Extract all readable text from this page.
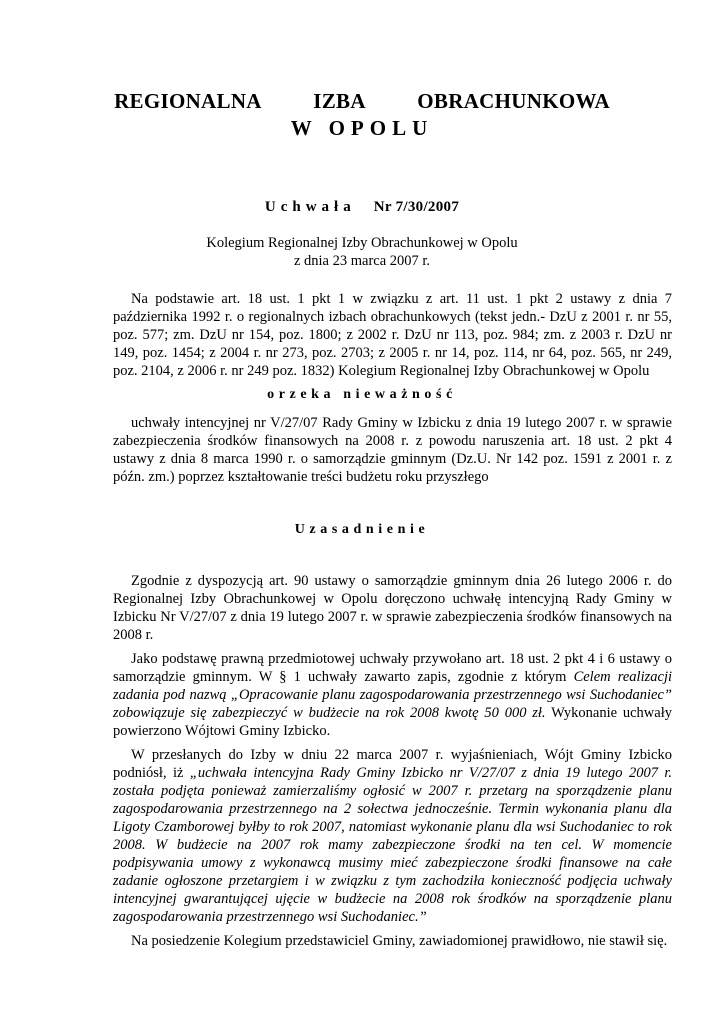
REGIONALNA   IZBA   OBRACHUNKOWA
W OPOLU
Uchwała Nr 7/30/2007
Kolegium Regionalnej Izby Obrachunkowej w Opolu
z dnia 23 marca 2007 r.

Na podstawie art. 18 ust. 1 pkt 1 w związku z art. 11 ust. 1 pkt 2 ustawy z dnia 7 października 1992 r. o regionalnych izbach obrachunkowych (tekst jedn.- DzU z 2001 r. nr 55, poz. 577; zm. DzU nr 154, poz. 1800; z 2002 r. DzU nr 113, poz. 984; zm. z 2003 r. DzU nr 149, poz. 1454; z 2004 r. nr 273, poz. 2703; z 2005 r. nr 14, poz. 114, nr 64, poz. 565, nr 249, poz. 2104, z 2006 r. nr 249 poz. 1832) Kolegium Regionalnej Izby Obrachunkowej w Opolu

orzeka nieważność

uchwały intencyjnej nr V/27/07 Rady Gminy w Izbicku z dnia 19 lutego 2007 r. w sprawie zabezpieczenia środków finansowych na 2008 r. z powodu naruszenia art. 18 ust. 2 pkt 4 ustawy z dnia 8 marca 1990 r. o samorządzie gminnym (Dz.U. Nr 142 poz. 1591 z 2001 r. z późn. zm.) poprzez kształtowanie treści budżetu roku przyszłego

Uzasadnienie

Zgodnie z dyspozycją art. 90 ustawy o samorządzie gminnym dnia 26 lutego 2006 r. do Regionalnej Izby Obrachunkowej w Opolu doręczono uchwałę intencyjną Rady Gminy w Izbicku Nr V/27/07 z dnia 19 lutego 2007 r. w sprawie zabezpieczenia środków finansowych na 2008 r.

Jako podstawę prawną przedmiotowej uchwały przywołano art. 18 ust. 2 pkt 4 i 6 ustawy o samorządzie gminnym. W § 1 uchwały zawarto zapis, zgodnie z którym Celem realizacji zadania pod nazwą „Opracowanie planu zagospodarowania przestrzennego wsi Suchodaniec” zobowiązuje się zabezpieczyć w budżecie na rok 2008 kwotę 50 000 zł. Wykonanie uchwały powierzono Wójtowi Gminy Izbicko.

W przesłanych do Izby w dniu 22 marca 2007 r. wyjaśnieniach, Wójt Gminy Izbicko podniósł, iż „uchwała intencyjna Rady Gminy Izbicko nr V/27/07 z dnia 19 lutego 2007 r. została podjęta ponieważ zamierzaliśmy ogłosić w 2007 r. przetarg na sporządzenie planu zagospodarowania przestrzennego na 2 sołectwa jednocześnie. Termin wykonania planu dla Ligoty Czamborowej byłby to rok 2007, natomiast wykonanie planu dla wsi Suchodaniec to rok 2008. W budżecie na 2007 rok mamy zabezpieczone środki na ten cel. W momencie podpisywania umowy z wykonawcą musimy mieć zabezpieczone środki finansowe na całe zadanie ogłoszone przetargiem i w związku z tym zachodziła konieczność podjęcia uchwały intencyjnej gwarantującej ujęcie w budżecie na 2008 rok środków na sporządzenie planu zagospodarowania przestrzennego wsi Suchodaniec.”

Na posiedzenie Kolegium przedstawiciel Gminy, zawiadomionej prawidłowo, nie stawił się.
